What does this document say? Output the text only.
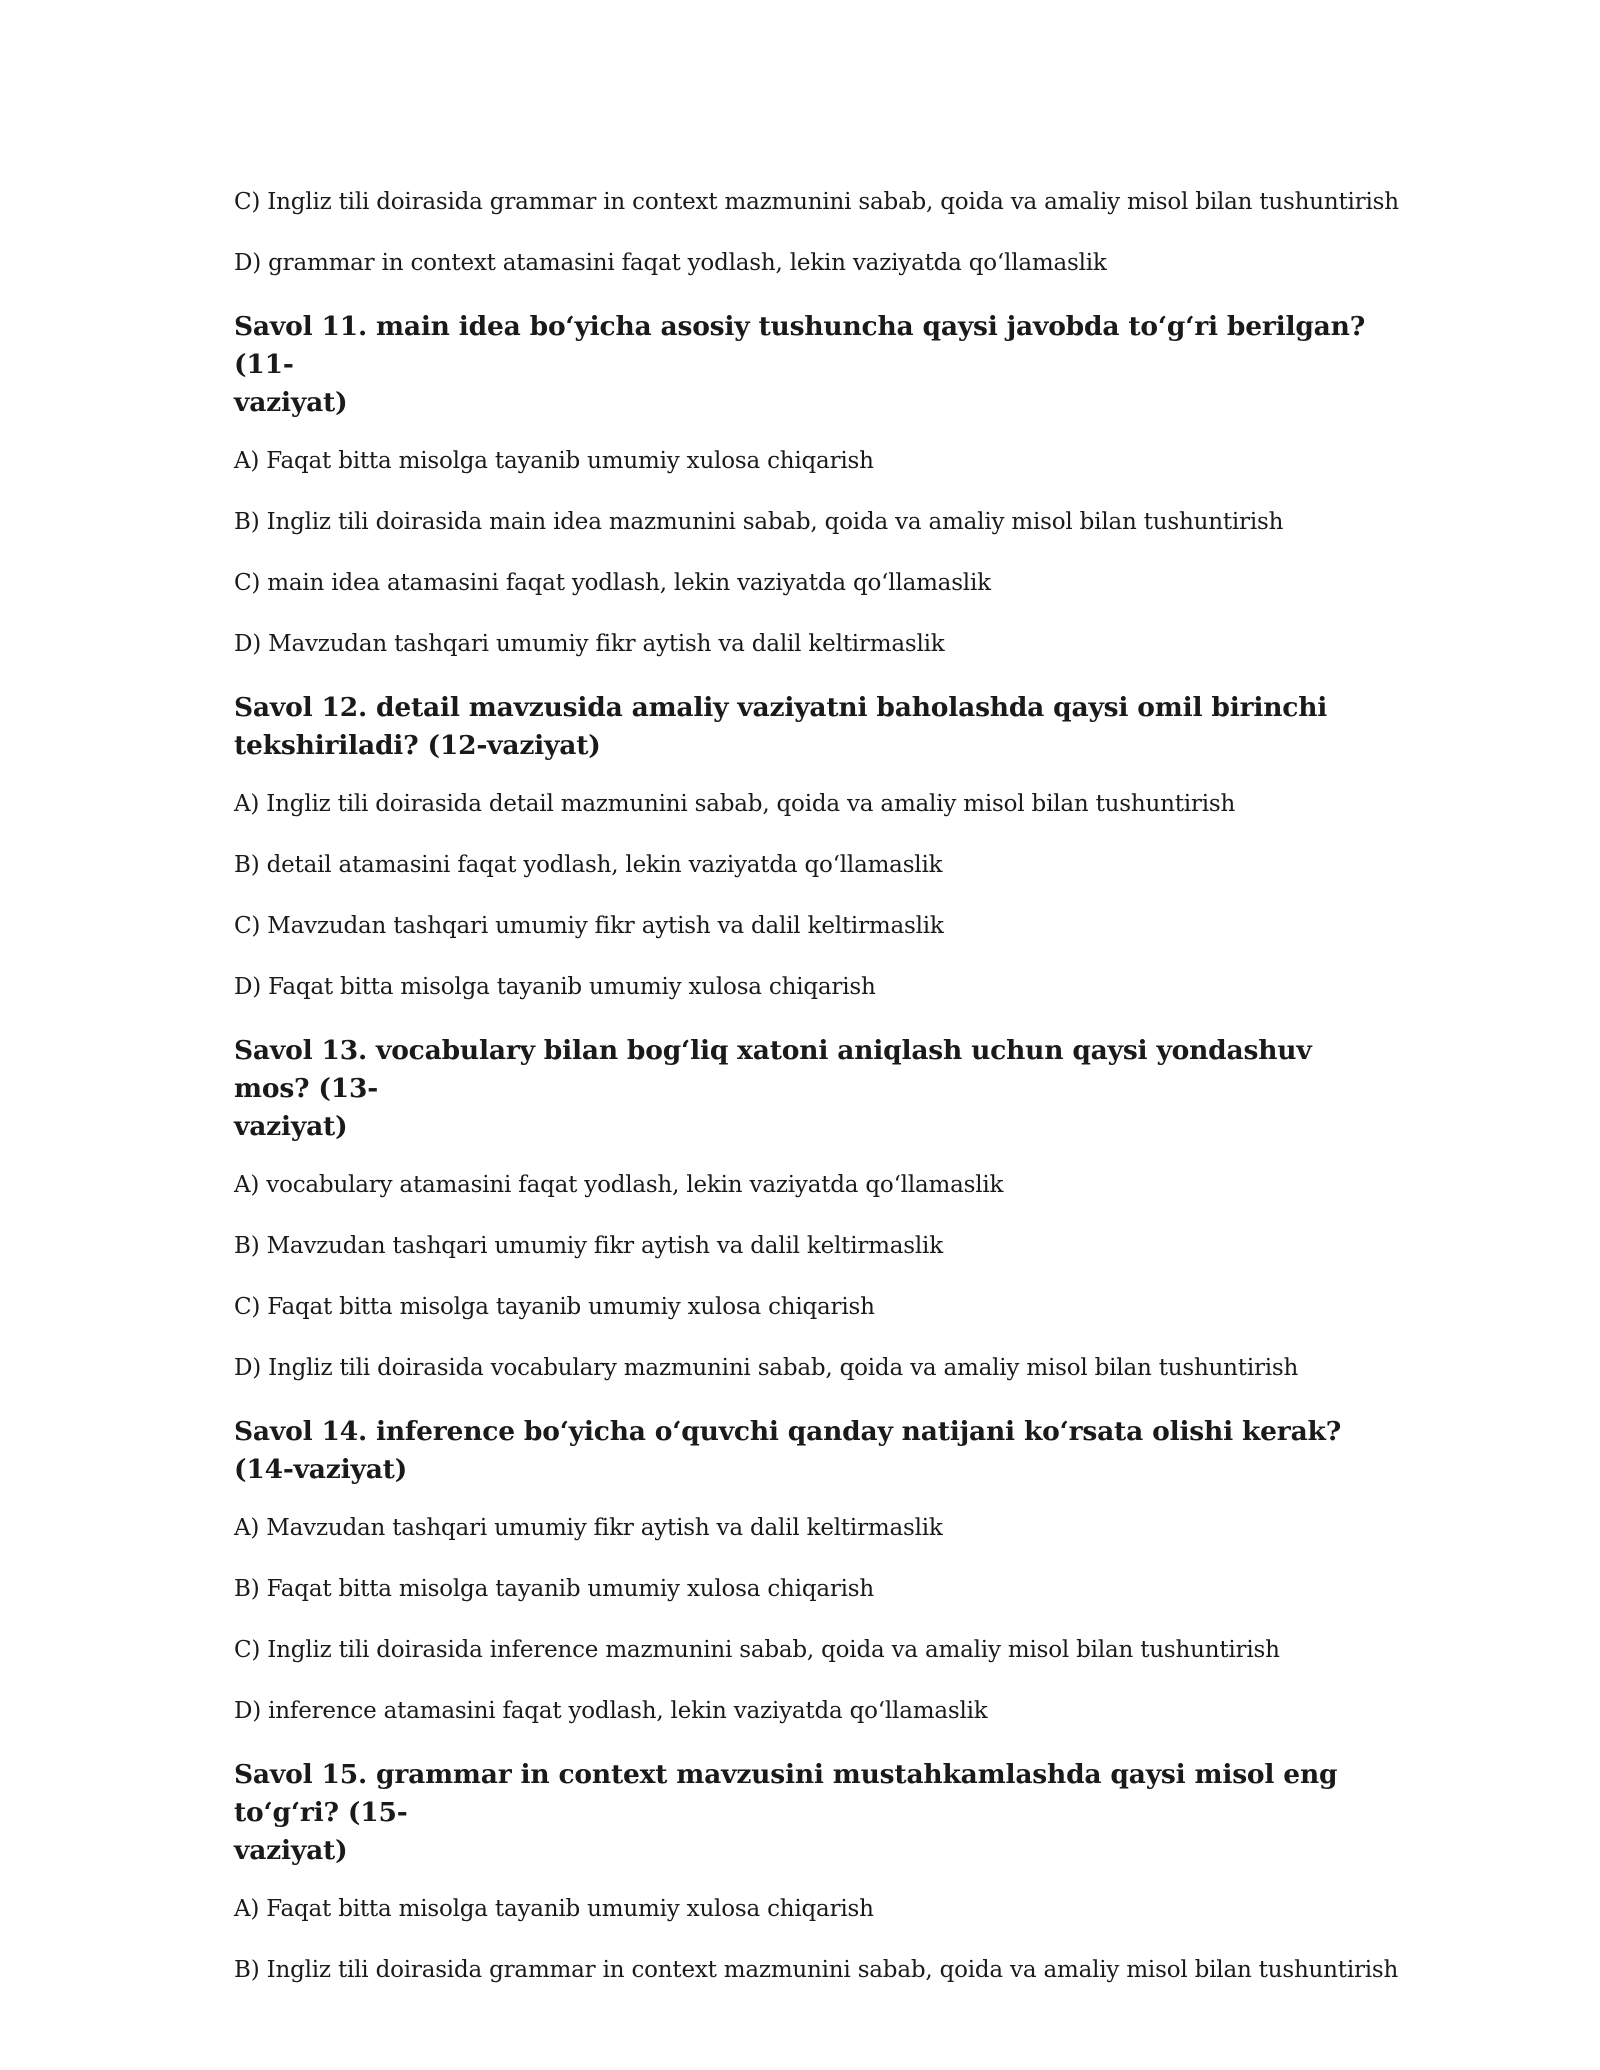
C) Ingliz tili doirasida grammar in context mazmunini sabab, qoida va amaliy misol bilan tushuntirish

D) grammar in context atamasini faqat yodlash, lekin vaziyatda qo‘llamaslik

Savol 11. main idea bo‘yicha asosiy tushuncha qaysi javobda to‘g‘ri berilgan? (11-
vaziyat)

A) Faqat bitta misolga tayanib umumiy xulosa chiqarish

B) Ingliz tili doirasida main idea mazmunini sabab, qoida va amaliy misol bilan tushuntirish

C) main idea atamasini faqat yodlash, lekin vaziyatda qo‘llamaslik

D) Mavzudan tashqari umumiy fikr aytish va dalil keltirmaslik

Savol 12. detail mavzusida amaliy vaziyatni baholashda qaysi omil birinchi
tekshiriladi? (12-vaziyat)

A) Ingliz tili doirasida detail mazmunini sabab, qoida va amaliy misol bilan tushuntirish

B) detail atamasini faqat yodlash, lekin vaziyatda qo‘llamaslik

C) Mavzudan tashqari umumiy fikr aytish va dalil keltirmaslik

D) Faqat bitta misolga tayanib umumiy xulosa chiqarish

Savol 13. vocabulary bilan bog‘liq xatoni aniqlash uchun qaysi yondashuv mos? (13-
vaziyat)

A) vocabulary atamasini faqat yodlash, lekin vaziyatda qo‘llamaslik

B) Mavzudan tashqari umumiy fikr aytish va dalil keltirmaslik

C) Faqat bitta misolga tayanib umumiy xulosa chiqarish

D) Ingliz tili doirasida vocabulary mazmunini sabab, qoida va amaliy misol bilan tushuntirish

Savol 14. inference bo‘yicha o‘quvchi qanday natijani ko‘rsata olishi kerak? (14-vaziyat)

A) Mavzudan tashqari umumiy fikr aytish va dalil keltirmaslik

B) Faqat bitta misolga tayanib umumiy xulosa chiqarish

C) Ingliz tili doirasida inference mazmunini sabab, qoida va amaliy misol bilan tushuntirish

D) inference atamasini faqat yodlash, lekin vaziyatda qo‘llamaslik

Savol 15. grammar in context mavzusini mustahkamlashda qaysi misol eng to‘g‘ri? (15-
vaziyat)

A) Faqat bitta misolga tayanib umumiy xulosa chiqarish

B) Ingliz tili doirasida grammar in context mazmunini sabab, qoida va amaliy misol bilan tushuntirish
